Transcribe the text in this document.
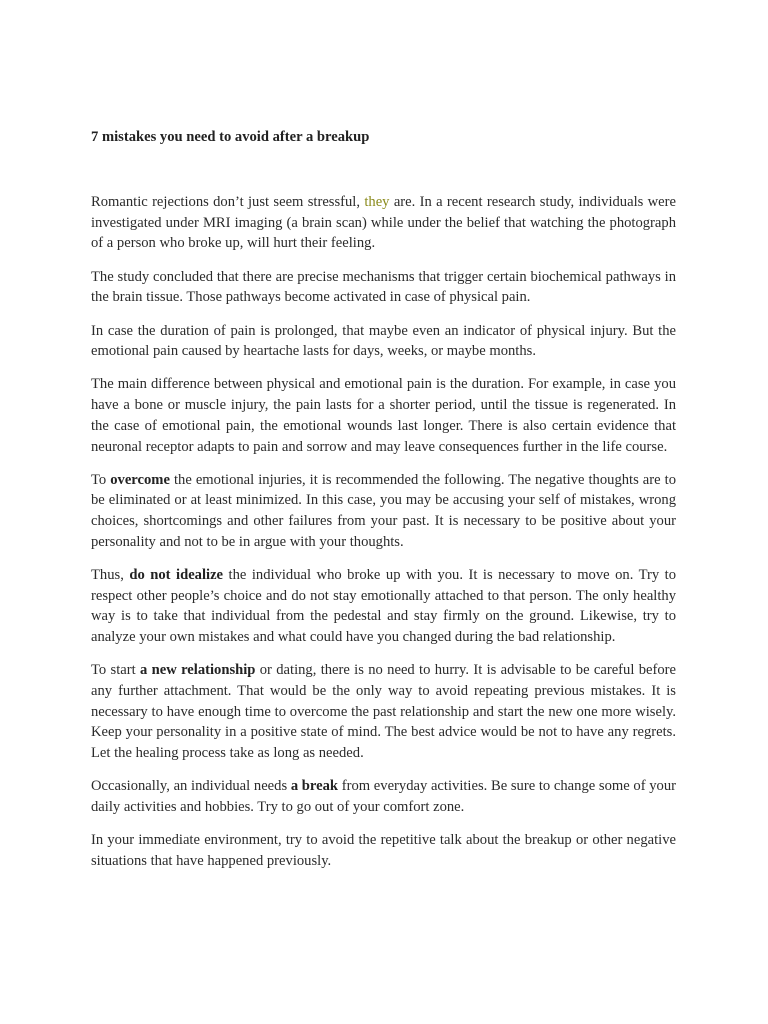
7 mistakes you need to avoid after a breakup

Romantic rejections don’t just seem stressful, they are. In a recent research study, individuals were investigated under MRI imaging (a brain scan) while under the belief that watching the photograph of a person who broke up, will hurt their feeling.

The study concluded that there are precise mechanisms that trigger certain biochemical pathways in the brain tissue. Those pathways become activated in case of physical pain.

In case the duration of pain is prolonged, that maybe even an indicator of physical injury. But the emotional pain caused by heartache lasts for days, weeks, or maybe months.

The main difference between physical and emotional pain is the duration. For example, in case you have a bone or muscle injury, the pain lasts for a shorter period, until the tissue is regenerated. In the case of emotional pain, the emotional wounds last longer. There is also certain evidence that neuronal receptor adapts to pain and sorrow and may leave consequences further in the life course.

To overcome the emotional injuries, it is recommended the following. The negative thoughts are to be eliminated or at least minimized. In this case, you may be accusing your self of mistakes, wrong choices, shortcomings and other failures from your past. It is necessary to be positive about your personality and not to be in argue with your thoughts.

Thus, do not idealize the individual who broke up with you. It is necessary to move on. Try to respect other people’s choice and do not stay emotionally attached to that person. The only healthy way is to take that individual from the pedestal and stay firmly on the ground. Likewise, try to analyze your own mistakes and what could have you changed during the bad relationship.

To start a new relationship or dating, there is no need to hurry. It is advisable to be careful before any further attachment. That would be the only way to avoid repeating previous mistakes. It is necessary to have enough time to overcome the past relationship and start the new one more wisely. Keep your personality in a positive state of mind. The best advice would be not to have any regrets. Let the healing process take as long as needed.

Occasionally, an individual needs a break from everyday activities. Be sure to change some of your daily activities and hobbies. Try to go out of your comfort zone.

In your immediate environment, try to avoid the repetitive talk about the breakup or other negative situations that have happened previously.
